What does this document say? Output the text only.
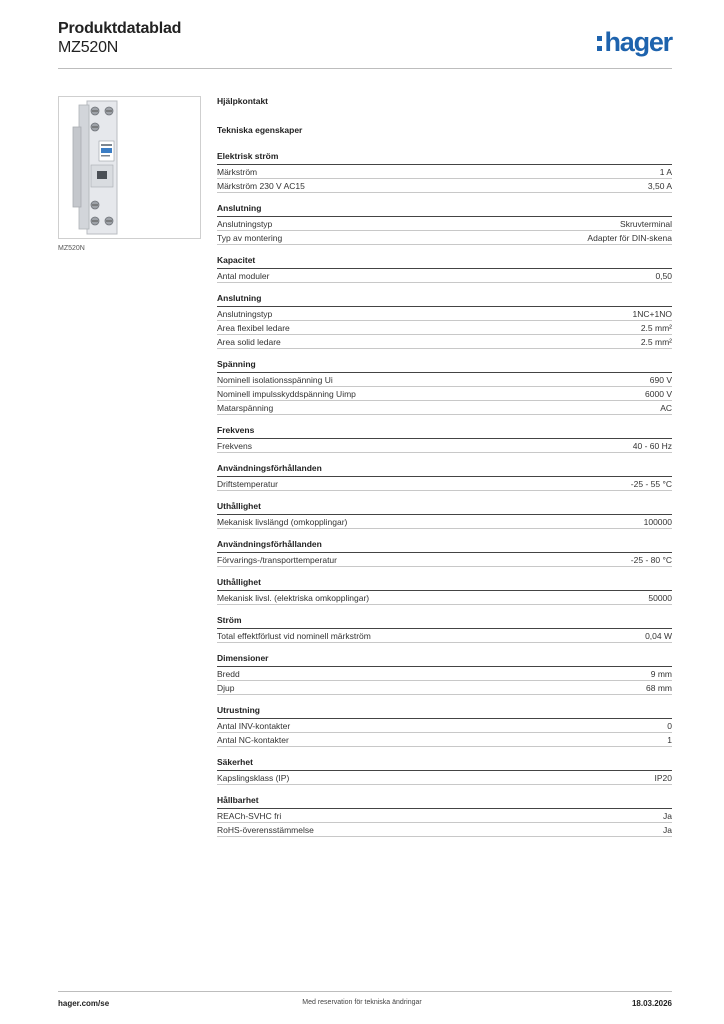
Produktdatablad
MZ520N	hager
MZ520N
Hjälpkontakt
Tekniska egenskaper
Elektrisk ström
Märkström	1 A
Märkström 230 V AC15	3,50 A
Anslutning
Anslutningstyp	Skruvterminal
Typ av montering	Adapter för DIN-skena
Kapacitet
Antal moduler	0,50
Anslutning
Anslutningstyp	1NC+1NO
Area flexibel ledare	2.5 mm²
Area solid ledare	2.5 mm²
Spänning
Nominell isolationsspänning Ui	690 V
Nominell impulsskyddspänning Uimp	6000 V
Matarspänning	AC
Frekvens
Frekvens	40 - 60 Hz
Användningsförhållanden
Driftstemperatur	-25 - 55 °C
Uthållighet
Mekanisk livslängd (omkopplingar)	100000
Användningsförhållanden
Förvarings-/transporttemperatur	-25 - 80 °C
Uthållighet
Mekanisk livsl. (elektriska omkopplingar)	50000
Ström
Total effektförlust vid nominell märkström	0,04 W
Dimensioner
Bredd	9 mm
Djup	68 mm
Utrustning
Antal INV-kontakter	0
Antal NC-kontakter	1
Säkerhet
Kapslingsklass (IP)	IP20
Hållbarhet
REACh-SVHC fri	Ja
RoHS-överensstämmelse	Ja
hager.com/se	Med reservation för tekniska ändringar	18.03.2026
